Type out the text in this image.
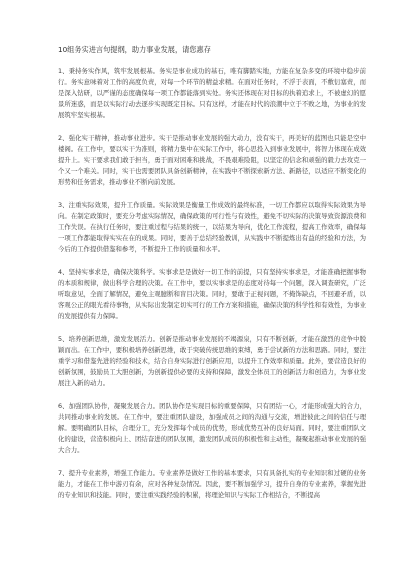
10组务实进言句提纲，助力事业发展，请您惠存

1、秉持务实作风，筑牢发展根基。务实是事业成功的基石，唯有脚踏实地，方能在复杂多变的环境中稳步前行。务实意味着对工作的高度负责，对每一个环节的精益求精。在面对任务时，不浮于表面，不敷衍塞责，而是深入钻研，以严谨的态度确保每一项工作都能落到实处。务实还体现在对目标的执着追求上，不被虚幻的愿景所迷惑，而是以实际行动去逐步实现既定目标。只有这样，才能在时代的浪潮中立于不败之地，为事业的发展筑牢坚实根基。

2、强化实干精神，推动事业进步。实干是推动事业发展的强大动力，没有实干，再美好的蓝图也只能是空中楼阁。在工作中，要以实干为准则，将精力集中在实际工作中，将心思投入到事业发展中，将智力体现在成效提升上。实干要求我们敢于担当，勇于面对困难和挑战，不畏艰难险阻，以坚定的信念和顽强的毅力去攻克一个又一个难关。同时，实干也需要团队具备创新精神，在实践中不断探索新方法、新路径，以适应不断变化的形势和任务需求，推动事业不断向前发展。

3、注重实际效果，提升工作质量。实际效果是衡量工作成效的最终标准，一切工作都应以取得实际效果为导向。在制定政策时，要充分考虑实际情况，确保政策的可行性与有效性，避免不切实际的决策导致资源浪费和工作失误。在执行任务时，要注重过程与结果的统一，以结果为导向，优化工作流程，提高工作效率，确保每一项工作都能取得实实在在的成果。同时，要善于总结经验教训，从实践中不断提炼出有益的经验和方法，为今后的工作提供借鉴和参考，不断提升工作的质量和水平。

4、坚持实事求是，确保决策科学。实事求是是做好一切工作的前提，只有坚持实事求是，才能准确把握事物的本质和规律，做出科学合理的决策。在工作中，要以实事求是的态度对待每一个问题，深入调查研究，广泛听取意见，全面了解情况，避免主观臆断和盲目决策。同时，要敢于正视问题，不掩饰缺点，不回避矛盾，以客观公正的眼光看待事物，从实际出发制定切实可行的工作方案和措施，确保决策的科学性和有效性，为事业的发展提供有力保障。

5、培养创新思维，激发发展活力。创新是推动事业发展的不竭源泉，只有不断创新，才能在激烈的竞争中脱颖而出。在工作中，要积极培养创新思维，敢于突破传统思维的束缚，勇于尝试新的方法和思路。同时，要注重学习和借鉴先进的经验和技术，结合自身实际进行创新应用，以提升工作效率和质量。此外，要营造良好的创新氛围，鼓励员工大胆创新，为创新提供必要的支持和保障，激发全体员工的创新活力和创造力，为事业发展注入新的动力。

6、加强团队协作，凝聚发展合力。团队协作是实现目标的重要保障，只有团结一心，才能形成强大的合力，共同推动事业的发展。在工作中，要注重团队建设，加强成员之间的沟通与交流，增进彼此之间的信任与理解。要明确团队目标，合理分工，充分发挥每个成员的优势，形成优势互补的良好局面。同时，要注重团队文化的建设，营造积极向上、团结奋进的团队氛围，激发团队成员的积极性和主动性，凝聚起推动事业发展的强大合力。

7、提升专业素养，增强工作能力。专业素养是做好工作的基本要求，只有具备扎实的专业知识和过硬的业务能力，才能在工作中游刃有余，应对各种复杂情况。因此，要不断加强学习，提升自身的专业素养，掌握先进的专业知识和技能。同时，要注重实践经验的积累，将理论知识与实际工作相结合，不断提高
